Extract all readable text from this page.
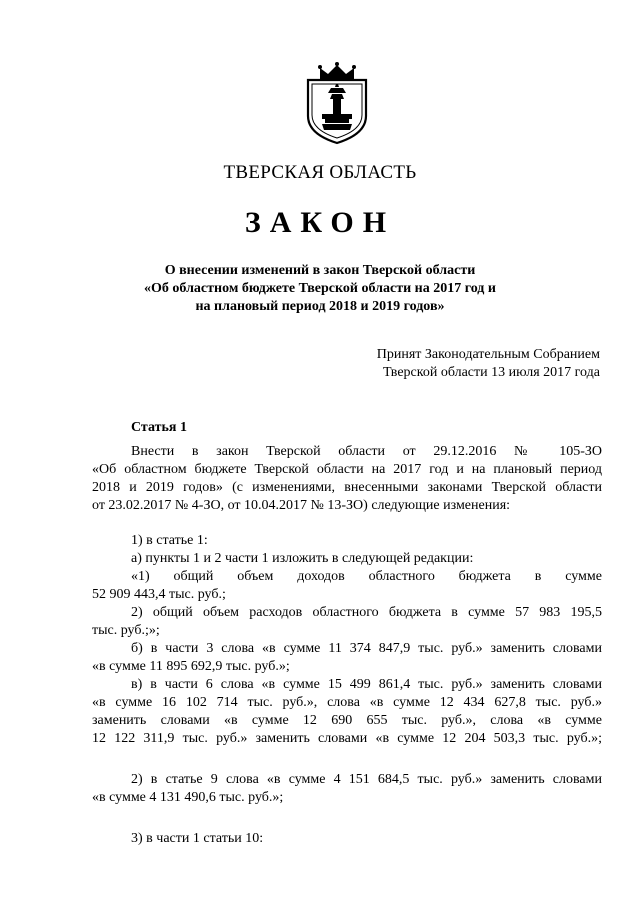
ТВЕРСКАЯ ОБЛАСТЬ
ЗАКОН
О внесении изменений в закон Тверской области
«Об областном бюджете Тверской области на 2017 год и
на плановый период 2018 и 2019 годов»
Принят Законодательным Собранием
Тверской области 13 июля 2017 года
Статья 1
Внести в закон Тверской области от 29.12.2016 № 105-ЗО
«Об областном бюджете Тверской области на 2017 год и на плановый период
2018 и 2019 годов» (с изменениями, внесенными законами Тверской области
от 23.02.2017 № 4-ЗО, от 10.04.2017 № 13-ЗО) следующие изменения:
1) в статье 1:
а) пункты 1 и 2 части 1 изложить в следующей редакции:
«1) общий объем доходов областного бюджета в сумме
52 909 443,4 тыс. руб.;
2) общий объем расходов областного бюджета в сумме 57 983 195,5
тыс. руб.;»;
б) в части 3 слова «в сумме 11 374 847,9 тыс. руб.» заменить словами
«в сумме 11 895 692,9 тыс. руб.»;
в) в части 6 слова «в сумме 15 499 861,4 тыс. руб.» заменить словами
«в сумме 16 102 714 тыс. руб.», слова «в сумме 12 434 627,8 тыс. руб.»
заменить словами «в сумме 12 690 655 тыс. руб.», слова «в сумме
12 122 311,9 тыс. руб.» заменить словами «в сумме 12 204 503,3 тыс. руб.»;
2) в статье 9 слова «в сумме 4 151 684,5 тыс. руб.» заменить словами
«в сумме 4 131 490,6 тыс. руб.»;
3) в части 1 статьи 10:
